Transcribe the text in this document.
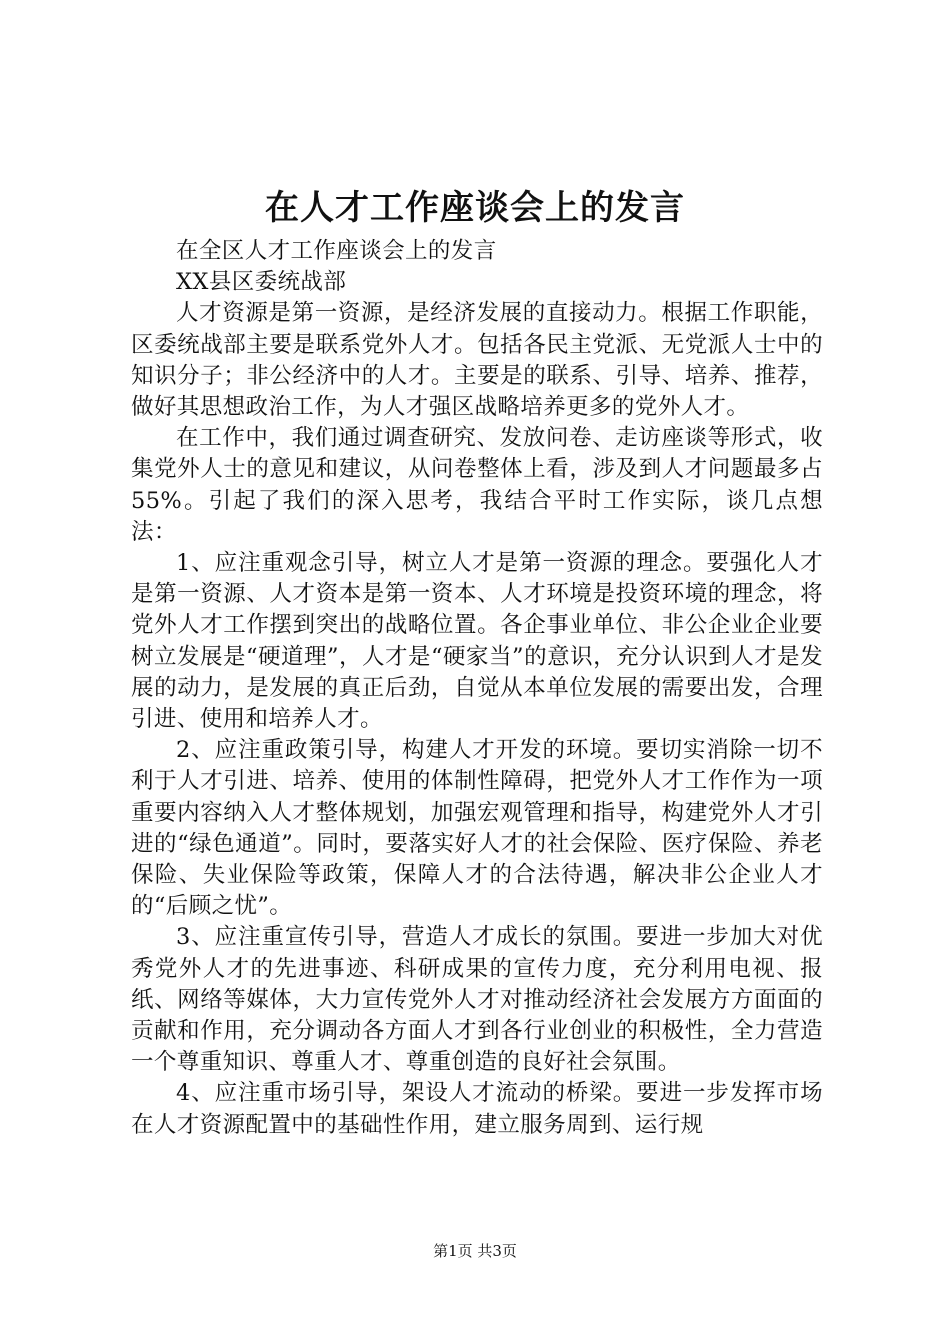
在人才工作座谈会上的发言

在全区人才工作座谈会上的发言

XX县区委统战部

人才资源是第一资源，是经济发展的直接动力。根据工作职能，区委统战部主要是联系党外人才。包括各民主党派、无党派人士中的知识分子；非公经济中的人才。主要是的联系、引导、培养、推荐，做好其思想政治工作，为人才强区战略培养更多的党外人才。

在工作中，我们通过调查研究、发放问卷、走访座谈等形式，收集党外人士的意见和建议，从问卷整体上看，涉及到人才问题最多占55%。引起了我们的深入思考，我结合平时工作实际，谈几点想法：

1、应注重观念引导，树立人才是第一资源的理念。要强化人才是第一资源、人才资本是第一资本、人才环境是投资环境的理念，将党外人才工作摆到突出的战略位置。各企事业单位、非公企业企业要树立发展是“硬道理”，人才是“硬家当”的意识，充分认识到人才是发展的动力，是发展的真正后劲，自觉从本单位发展的需要出发，合理引进、使用和培养人才。

2、应注重政策引导，构建人才开发的环境。要切实消除一切不利于人才引进、培养、使用的体制性障碍，把党外人才工作作为一项重要内容纳入人才整体规划，加强宏观管理和指导，构建党外人才引进的“绿色通道”。同时，要落实好人才的社会保险、医疗保险、养老保险、失业保险等政策，保障人才的合法待遇，解决非公企业人才的“后顾之忧”。

3、应注重宣传引导，营造人才成长的氛围。要进一步加大对优秀党外人才的先进事迹、科研成果的宣传力度，充分利用电视、报纸、网络等媒体，大力宣传党外人才对推动经济社会发展方方面面的贡献和作用，充分调动各方面人才到各行业创业的积极性，全力营造一个尊重知识、尊重人才、尊重创造的良好社会氛围。

4、应注重市场引导，架设人才流动的桥梁。要进一步发挥市场在人才资源配置中的基础性作用，建立服务周到、运行规

第1页 共3页
